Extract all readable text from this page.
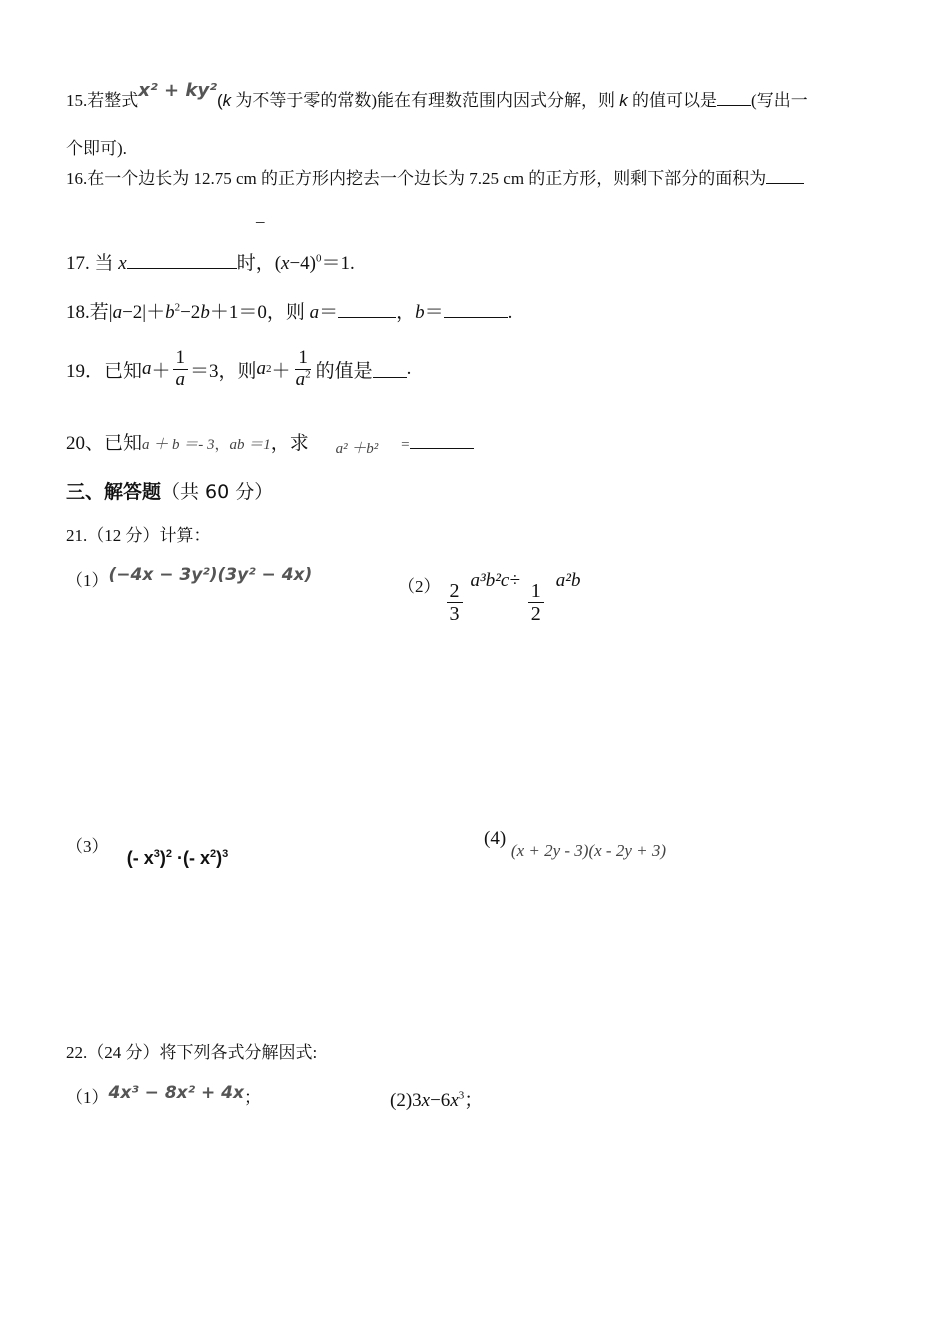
15.若整式x² + ky²(k 为不等于零的常数)能在有理数范围内因式分解，则 k 的值可以是 (写出一
个即可).
16.在一个边长为 12.75 cm 的正方形内挖去一个边长为 7.25 cm 的正方形，则剩下部分的面积为
_
17. 当 x	时，$(x-4)^0=1$.
18.若$|a-2|+b^2-2b+1=0$，则 a＝	，b＝	.
19．已知 $a + \frac{1}{a} =3$，则 a $2 + \frac{1}{a^2}$ 的值是 .
20、已知a ＋ b ＝- 3，ab ＝1，求 $_{a^2 +b^2}$ =
三、解答题（共 60 分）
21.（12 分）计算：
（1）(−4x − 3y²)(3y² − 4x)
$(2) \frac{2}{3} a^3b^2c\div \frac{1}{2} a^2b$
（3） (- $x^3)^2$ ·(- $x^2)^3$
(4) (x + 2y - 3)(x - 2y + 3)
22.（24 分）将下列各式分解因式:
（1）4x³ − 8x² + 4x；	$(2)3x-6x^3$；
